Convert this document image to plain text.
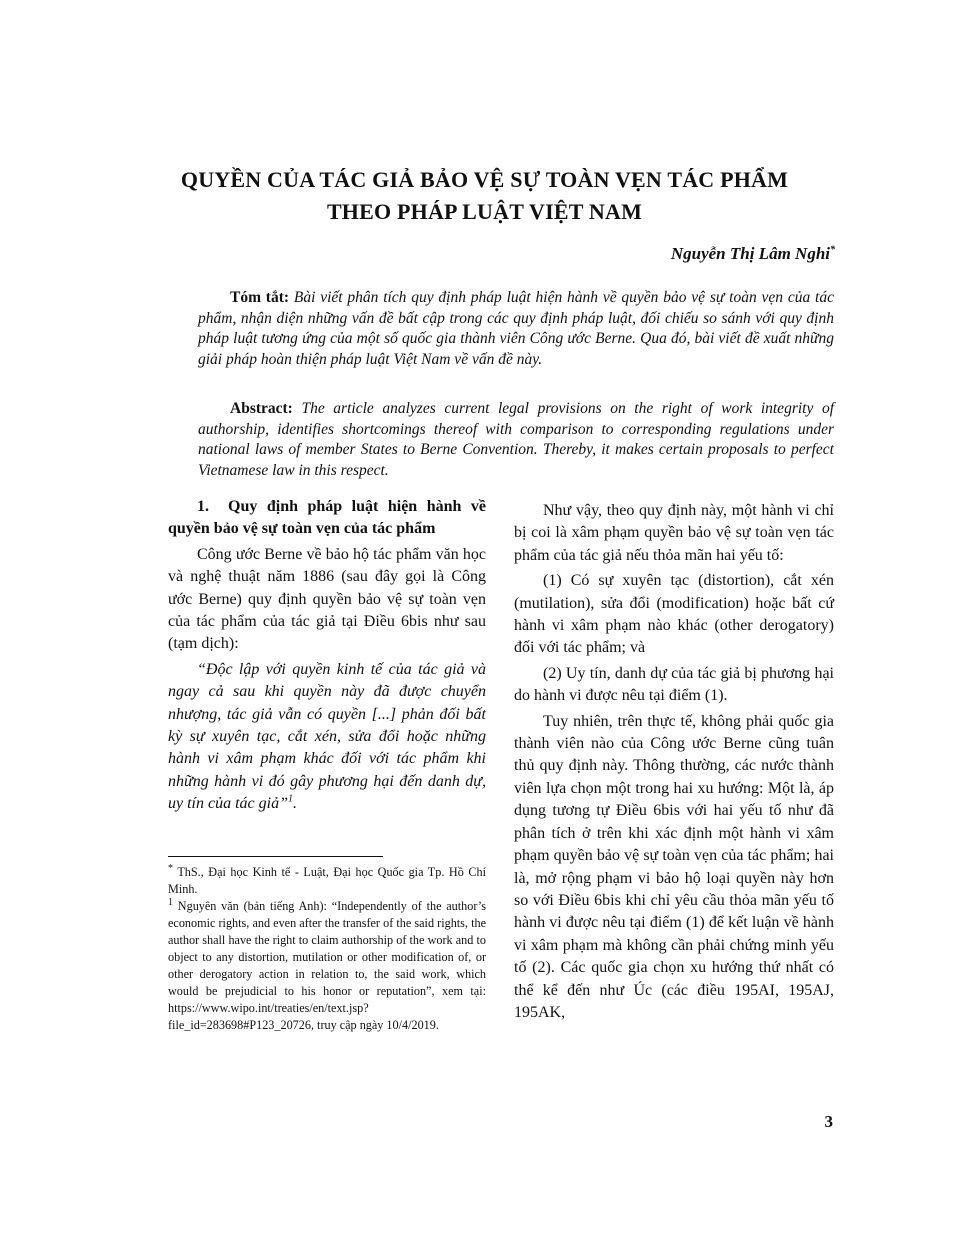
QUYỀN CỦA TÁC GIẢ BẢO VỆ SỰ TOÀN VẸN TÁC PHẨM
THEO PHÁP LUẬT VIỆT NAM
Nguyễn Thị Lâm Nghi*

Tóm tắt: Bài viết phân tích quy định pháp luật hiện hành về quyền bảo vệ sự toàn vẹn của tác phẩm, nhận diện những vấn đề bất cập trong các quy định pháp luật, đối chiếu so sánh với quy định pháp luật tương ứng của một số quốc gia thành viên Công ước Berne. Qua đó, bài viết đề xuất những giải pháp hoàn thiện pháp luật Việt Nam về vấn đề này.

Abstract: The article analyzes current legal provisions on the right of work integrity of authorship, identifies shortcomings thereof with comparison to corresponding regulations under national laws of member States to Berne Convention. Thereby, it makes certain proposals to perfect Vietnamese law in this respect.

1. Quy định pháp luật hiện hành về quyền bảo vệ sự toàn vẹn của tác phẩm

Công ước Berne về bảo hộ tác phẩm văn học và nghệ thuật năm 1886 (sau đây gọi là Công ước Berne) quy định quyền bảo vệ sự toàn vẹn của tác phẩm của tác giả tại Điều 6bis như sau (tạm dịch):

“Độc lập với quyền kinh tế của tác giả và ngay cả sau khi quyền này đã được chuyển nhượng, tác giả vẫn có quyền [...] phản đối bất kỳ sự xuyên tạc, cắt xén, sửa đổi hoặc những hành vi xâm phạm khác đối với tác phẩm khi những hành vi đó gây phương hại đến danh dự, uy tín của tác giả”$^1$.

* ThS., Đại học Kinh tế - Luật, Đại học Quốc gia Tp. Hồ Chí Minh.

$^1$ Nguyên văn (bản tiếng Anh): “Independently of the author’s economic rights, and even after the transfer of the said rights, the author shall have the right to claim authorship of the work and to object to any distortion, mutilation or other modification of, or other derogatory action in relation to, the said work, which would be prejudicial to his honor or reputation”, xem tại: https://www.wipo.int/treaties/en/text.jsp?file_id=283698#P123_20726, truy cập ngày 10/4/2019.

Như vậy, theo quy định này, một hành vi chỉ bị coi là xâm phạm quyền bảo vệ sự toàn vẹn tác phẩm của tác giả nếu thỏa mãn hai yếu tố:

(1) Có sự xuyên tạc (distortion), cắt xén (mutilation), sửa đổi (modification) hoặc bất cứ hành vi xâm phạm nào khác (other derogatory) đối với tác phẩm; và

(2) Uy tín, danh dự của tác giả bị phương hại do hành vi được nêu tại điểm (1).

Tuy nhiên, trên thực tế, không phải quốc gia thành viên nào của Công ước Berne cũng tuân thủ quy định này. Thông thường, các nước thành viên lựa chọn một trong hai xu hướng: Một là, áp dụng tương tự Điều 6bis với hai yếu tố như đã phân tích ở trên khi xác định một hành vi xâm phạm quyền bảo vệ sự toàn vẹn của tác phẩm; hai là, mở rộng phạm vi bảo hộ loại quyền này hơn so với Điều 6bis khi chỉ yêu cầu thỏa mãn yếu tố hành vi được nêu tại điểm (1) để kết luận về hành vi xâm phạm mà không cần phải chứng minh yếu tố (2). Các quốc gia chọn xu hướng thứ nhất có thể kể đến như Úc (các điều 195AI, 195AJ, 195AK,

3
